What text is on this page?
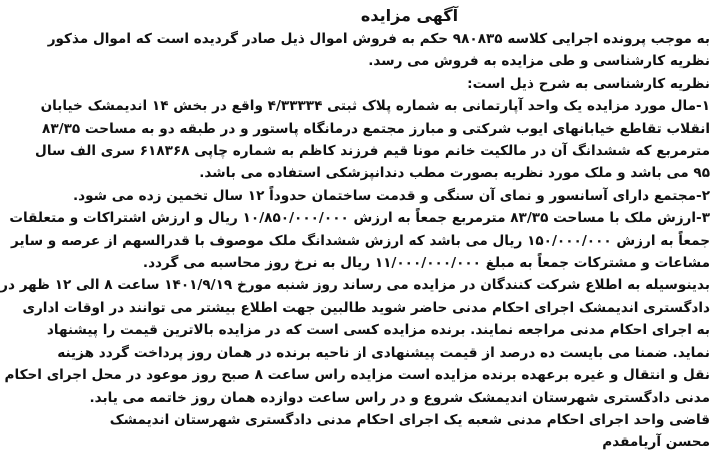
آگهی مزایده
به موجب پرونده اجرایی کلاسه ۹۸۰۸۳۵ حکم به فروش اموال ذیل صادر گردیده است که اموال مذکور
نظریه کارشناسی و طی مزایده به فروش می رسد.
نظریه کارشناسی به شرح ذیل است:
۱-مال مورد مزایده یک واحد آپارتمانی به شماره پلاک ثبتی ۴/۳۳۳۳۴ واقع در بخش ۱۴ اندیمشک خیابان
انقلاب تقاطع خیابانهای ایوب شرکتی و مبارز مجتمع درمانگاه پاستور و در طبقه دو به مساحت ۸۳/۳۵
مترمربع که ششدانگ آن در مالکیت خانم مونا قیم فرزند کاظم به شماره چاپی ۶۱۸۳۶۸ سری الف سال
۹۵ می باشد و ملک مورد نظریه بصورت مطب دندانپزشکی استفاده می باشد.
۲-مجتمع دارای آسانسور و نمای آن سنگی و قدمت ساختمان حدوداً ۱۲ سال تخمین زده می شود.
۳-ارزش ملک با مساحت ۸۳/۳۵ مترمربع جمعاً به ارزش ۱۰/۸۵۰/۰۰۰/۰۰۰ ریال و ارزش اشتراکات و متعلقات
جمعاً به ارزش ۱۵۰/۰۰۰/۰۰۰ ریال می باشد که ارزش ششدانگ ملک موصوف با قدرالسهم از عرصه و سایر
مشاعات و مشترکات جمعاً به مبلغ ۱۱/۰۰۰/۰۰۰/۰۰۰ ریال به نرخ روز محاسبه می گردد.
بدینوسیله به اطلاع شرکت کنندگان در مزایده می رساند روز شنبه مورخ ۱۴۰۱/۹/۱۹ ساعت ۸ الی ۱۲ ظهر در
دادگستری اندیمشک اجرای احکام مدنی حاضر شوید طالبین جهت اطلاع بیشتر می توانند در اوقات اداری
به اجرای احکام مدنی مراجعه نمایند. برنده مزایده کسی است که در مزایده بالاترین قیمت را پیشنهاد
نماید. ضمنا می بایست ده درصد از قیمت پیشنهادی از ناحیه برنده در همان روز پرداخت گردد هزینه
نقل و انتقال و غیره برعهده برنده مزایده است مزایده راس ساعت ۸ صبح روز موعود در محل اجرای احکام
مدنی دادگستری شهرستان اندیمشک شروع و در راس ساعت دوازده همان روز خاتمه می یابد.
قاضی واحد اجرای احکام مدنی شعبه یک اجرای احکام مدنی دادگستری شهرستان اندیمشک
محسن آریامقدم
